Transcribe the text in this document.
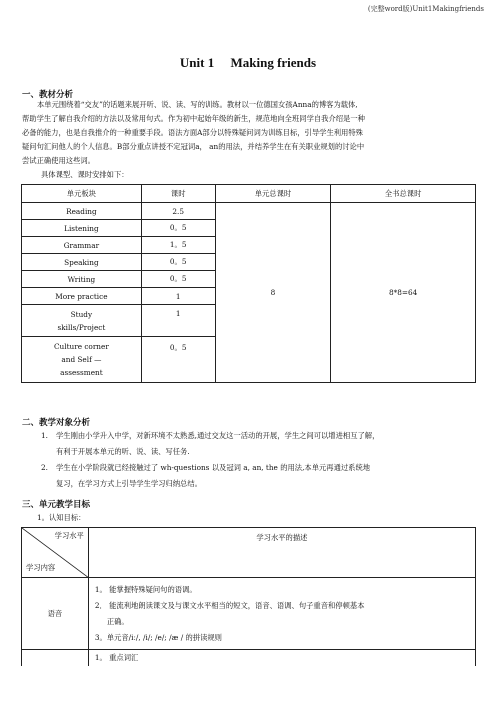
(完整word版)Unit1Makingfriends
Unit 1　 Making friends
一、教材分析
本单元围绕着“交友”的话题来展开听、说、读、写的训练。教材以一位德国女孩Anna的博客为载体,
帮助学生了解自我介绍的方法以及常用句式。作为初中起始年级的新生，规范地向全班同学自我介绍是一种
必备的能力，也是自我推介的一种重要手段。语法方面A部分以特殊疑问词为训练目标，引导学生利用特殊
疑问句汇问他人的个人信息。B部分重点讲授不定冠词a， an的用法，并结养学生在有关职业规划的讨论中
尝试正确使用这些词。
具体课型、课时安排如下：
单元板块	课时	单元总课时	全书总课时
Reading	2.5	8	8*8=64
Listening	0。5		
Grammar	1。5		
Speaking	0。5		
Writing	0。5		
More practice	1		

Study
skills/Project	1		

Culture corner
and Self —
assessment	0。5		
二、教学对象分析
1. 学生刚由小学升入中学，对新环境不太熟悉,通过交友这一活动的开展，学生之间可以增进相互了解，
有利于开展本单元的听、说、读、写任务.
2. 学生在小学阶段就已经接触过了 wh-questions 以及冠词 a, an, the 的用法,本单元再通过系统地
复习，在学习方式上引导学生学习归纳总结。
三、单元教学目标
1。认知目标：
学习水平
学习内容	学习水平的描述
语音	1。 能掌握特殊疑问句的语调。
2． 能流利地朗读课文及与课文水平相当的短文，语音、语调、句子重音和停顿基本
正确。
3。单元音/iː/, /i/; /e/; /æ / 的拼读规则

	1。 重点词汇
